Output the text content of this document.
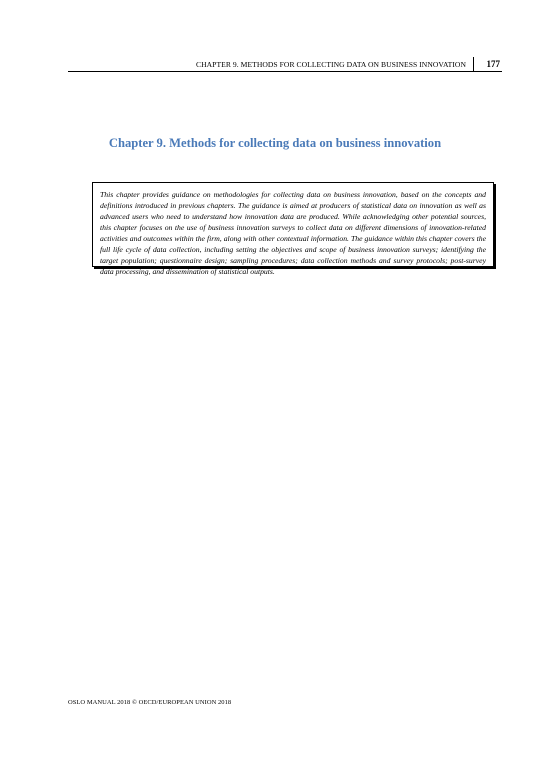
CHAPTER 9. METHODS FOR COLLECTING DATA ON BUSINESS INNOVATION 177
Chapter 9. Methods for collecting data on business innovation

This chapter provides guidance on methodologies for collecting data on business innovation, based on the concepts and definitions introduced in previous chapters. The guidance is aimed at producers of statistical data on innovation as well as advanced users who need to understand how innovation data are produced. While acknowledging other potential sources, this chapter focuses on the use of business innovation surveys to collect data on different dimensions of innovation-related activities and outcomes within the firm, along with other contextual information. The guidance within this chapter covers the full life cycle of data collection, including setting the objectives and scope of business innovation surveys; identifying the target population; questionnaire design; sampling procedures; data collection methods and survey protocols; post-survey data processing, and dissemination of statistical outputs.

OSLO MANUAL 2018 © OECD/EUROPEAN UNION 2018
